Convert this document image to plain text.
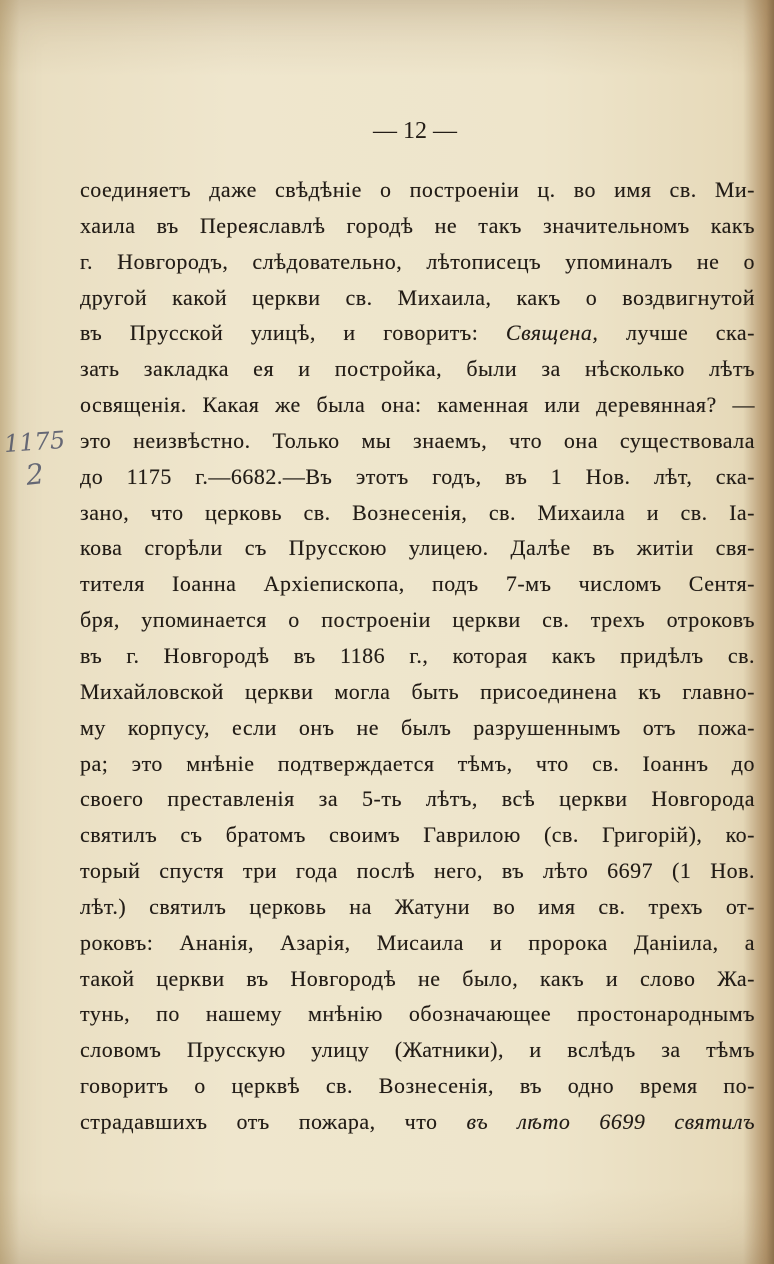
— 12 —
1175
2
соединяетъ даже свѣдѣніе о построеніи ц. во имя св. Ми-
хаила въ Переяславлѣ городѣ не такъ значительномъ какъ
г. Новгородъ, слѣдовательно, лѣтописецъ упоминалъ не о
другой какой церкви св. Михаила, какъ о воздвигнутой
въ Прусской улицѣ, и говоритъ: Священа, лучше ска-
зать закладка ея и постройка, были за нѣсколько лѣтъ
освященія. Какая же была она: каменная или деревянная? —
это неизвѣстно. Только мы знаемъ, что она существовала
до 1175 г.—6682.—Въ этотъ годъ, въ 1 Нов. лѣт, ска-
зано, что церковь св. Вознесенія, св. Михаила и св. Іа-
кова сгорѣли съ Прусскою улицею. Далѣе въ житіи свя-
тителя Іоанна Архіепископа, подъ 7-мъ числомъ Сентя-
бря, упоминается о построеніи церкви св. трехъ отроковъ
въ г. Новгородѣ въ 1186 г., которая какъ придѣлъ св.
Михайловской церкви могла быть присоединена къ главно-
му корпусу, если онъ не былъ разрушеннымъ отъ пожа-
ра; это мнѣніе подтверждается тѣмъ, что св. Іоаннъ до
своего преставленія за 5-ть лѣтъ, всѣ церкви Новгорода
святилъ съ братомъ своимъ Гаврилою (св. Григорій), ко-
торый спустя три года послѣ него, въ лѣто 6697 (1 Нов.
лѣт.) святилъ церковь на Жатуни во имя св. трехъ от-
роковъ: Ананія, Азарія, Мисаила и пророка Даніила, а
такой церкви въ Новгородѣ не было, какъ и слово Жа-
тунь, по нашему мнѣнію обозначающее простонароднымъ
словомъ Прусскую улицу (Жатники), и вслѣдъ за тѣмъ
говоритъ о церквѣ св. Вознесенія, въ одно время по-
страдавшихъ отъ пожара, что въ лѣто 6699 святилъ
